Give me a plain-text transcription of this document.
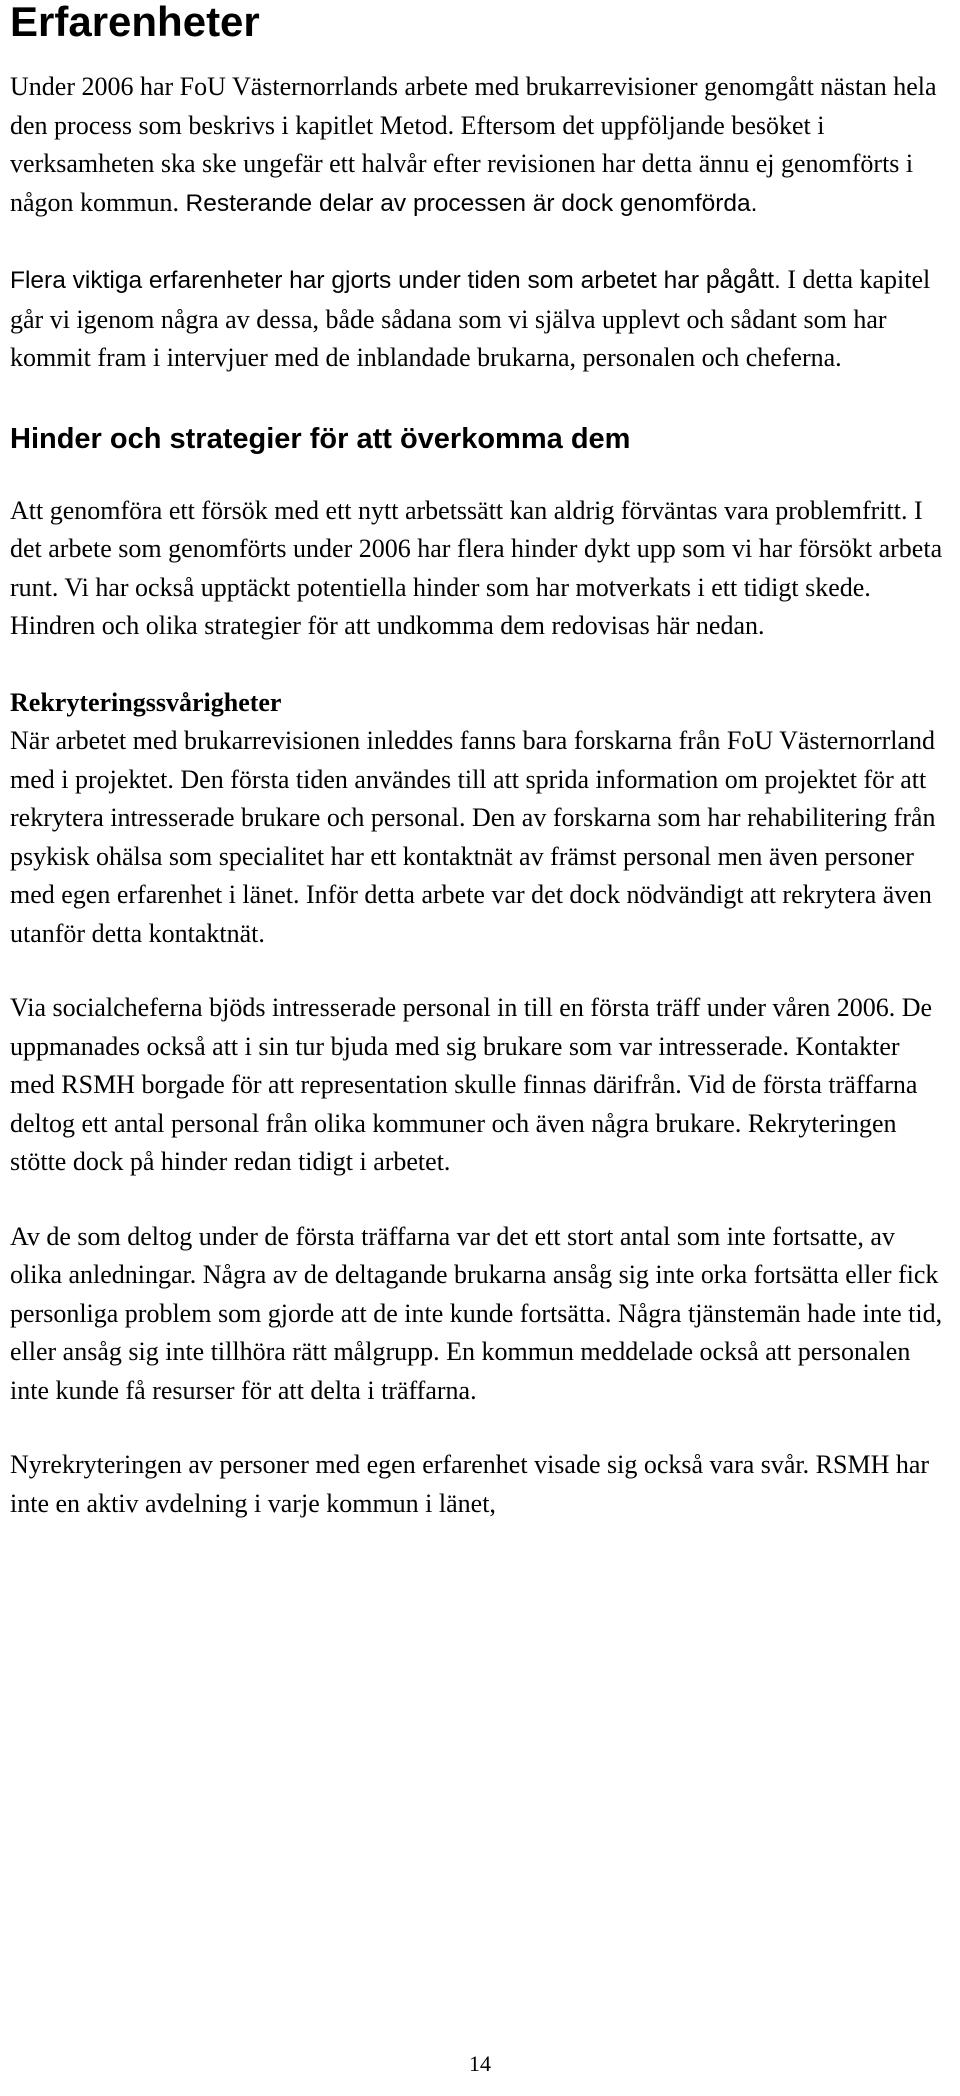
Erfarenheter

Under 2006 har FoU Västernorrlands arbete med brukarrevisioner genomgått nästan hela den process som beskrivs i kapitlet Metod. Eftersom det uppföljande besöket i verksamheten ska ske ungefär ett halvår efter revisionen har detta ännu ej genomförts i någon kommun. Resterande delar av processen är dock genomförda.

Flera viktiga erfarenheter har gjorts under tiden som arbetet har pågått. I detta kapitel går vi igenom några av dessa, både sådana som vi själva upplevt och sådant som har kommit fram i intervjuer med de inblandade brukarna, personalen och cheferna.

Hinder och strategier för att överkomma dem

Att genomföra ett försök med ett nytt arbetssätt kan aldrig förväntas vara problemfritt. I det arbete som genomförts under 2006 har flera hinder dykt upp som vi har försökt arbeta runt. Vi har också upptäckt potentiella hinder som har motverkats i ett tidigt skede. Hindren och olika strategier för att undkomma dem redovisas här nedan.

Rekryteringssvårigheter

När arbetet med brukarrevisionen inleddes fanns bara forskarna från FoU Västernorrland med i projektet. Den första tiden användes till att sprida information om projektet för att rekrytera intresserade brukare och personal. Den av forskarna som har rehabilitering från psykisk ohälsa som specialitet har ett kontaktnät av främst personal men även personer med egen erfarenhet i länet. Inför detta arbete var det dock nödvändigt att rekrytera även utanför detta kontaktnät.

Via socialcheferna bjöds intresserade personal in till en första träff under våren 2006. De uppmanades också att i sin tur bjuda med sig brukare som var intresserade. Kontakter med RSMH borgade för att representation skulle finnas därifrån. Vid de första träffarna deltog ett antal personal från olika kommuner och även några brukare. Rekryteringen stötte dock på hinder redan tidigt i arbetet.

Av de som deltog under de första träffarna var det ett stort antal som inte fortsatte, av olika anledningar. Några av de deltagande brukarna ansåg sig inte orka fortsätta eller fick personliga problem som gjorde att de inte kunde fortsätta. Några tjänstemän hade inte tid, eller ansåg sig inte tillhöra rätt målgrupp. En kommun meddelade också att personalen inte kunde få resurser för att delta i träffarna.

Nyrekryteringen av personer med egen erfarenhet visade sig också vara svår. RSMH har inte en aktiv avdelning i varje kommun i länet,

14
